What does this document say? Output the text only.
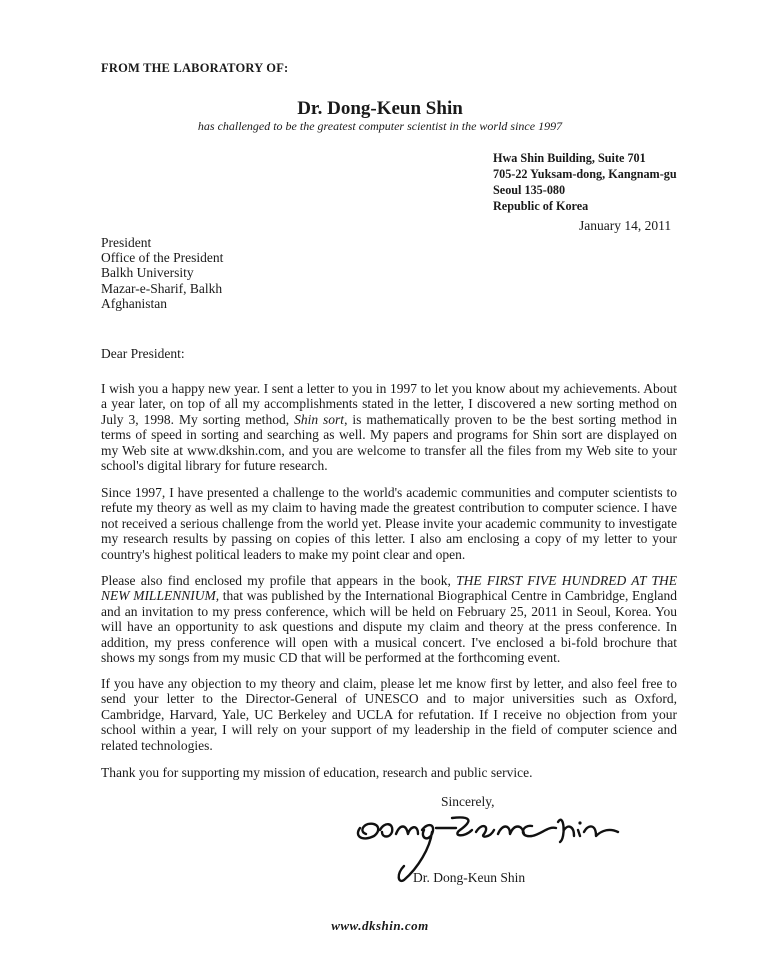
FROM THE LABORATORY OF:
Dr. Dong-Keun Shin
has challenged to be the greatest computer scientist in the world since 1997
Hwa Shin Building, Suite 701
705-22 Yuksam-dong, Kangnam-gu
Seoul 135-080
Republic of Korea
January 14, 2011
President
Office of the President
Balkh University
Mazar-e-Sharif, Balkh
Afghanistan
Dear President:

I wish you a happy new year. I sent a letter to you in 1997 to let you know about my achievements. About a year later, on top of all my accomplishments stated in the letter, I discovered a new sorting method on July 3, 1998. My sorting method, Shin sort, is mathematically proven to be the best sorting method in terms of speed in sorting and searching as well. My papers and programs for Shin sort are displayed on my Web site at www.dkshin.com, and you are welcome to transfer all the files from my Web site to your school's digital library for future research.

Since 1997, I have presented a challenge to the world's academic communities and computer scientists to refute my theory as well as my claim to having made the greatest contribution to computer science. I have not received a serious challenge from the world yet. Please invite your academic community to investigate my research results by passing on copies of this letter. I also am enclosing a copy of my letter to your country's highest political leaders to make my point clear and open.

Please also find enclosed my profile that appears in the book, THE FIRST FIVE HUNDRED AT THE NEW MILLENNIUM, that was published by the International Biographical Centre in Cambridge, England and an invitation to my press conference, which will be held on February 25, 2011 in Seoul, Korea. You will have an opportunity to ask questions and dispute my claim and theory at the press conference. In addition, my press conference will open with a musical concert. I've enclosed a bi-fold brochure that shows my songs from my music CD that will be performed at the forthcoming event.

If you have any objection to my theory and claim, please let me know first by letter, and also feel free to send your letter to the Director-General of UNESCO and to major universities such as Oxford, Cambridge, Harvard, Yale, UC Berkeley and UCLA for refutation. If I receive no objection from your school within a year, I will rely on your support of my leadership in the field of computer science and related technologies.

Thank you for supporting my mission of education, research and public service.
Sincerely,
Dr. Dong-Keun Shin
www.dkshin.com
